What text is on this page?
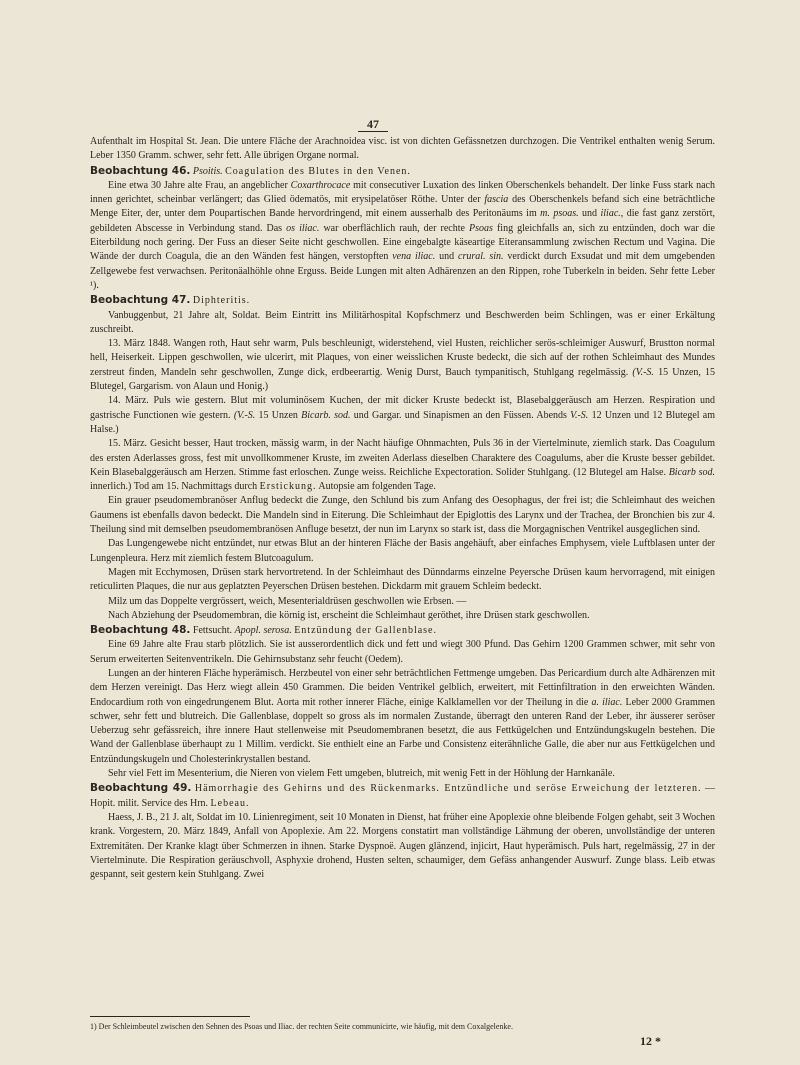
47

Aufenthalt im Hospital St. Jean. Die untere Fläche der Arachnoidea visc. ist von dichten Gefässnetzen durchzogen. Die Ventrikel enthalten wenig Serum. Leber 1350 Gramm. schwer, sehr fett. Alle übrigen Organe normal.

Beobachtung 46. Psoitis. Coagulation des Blutes in den Venen.

Eine etwa 30 Jahre alte Frau, an angeblicher Coxarthrocace mit consecutiver Luxation des linken Oberschenkels behandelt. Der linke Fuss stark nach innen gerichtet, scheinbar verlängert; das Glied ödematös, mit erysipelatöser Röthe. Unter der fascia des Oberschenkels befand sich eine beträchtliche Menge Eiter, der, unter dem Poupartischen Bande hervordringend, mit einem ausserhalb des Peritonäums im m. psoas. und iliac., die fast ganz zerstört, gebildeten Abscesse in Verbindung stand. Das os iliac. war oberflächlich rauh, der rechte Psoas fing gleichfalls an, sich zu entzünden, doch war die Eiterbildung noch gering. Der Fuss an dieser Seite nicht geschwollen. Eine eingebalgte käseartige Eiteransammlung zwischen Rectum und Vagina. Die Wände der durch Coagula, die an den Wänden fest hängen, verstopften vena iliac. und crural. sin. verdickt durch Exsudat und mit dem umgebenden Zellgewebe fest verwachsen. Peritonäalhöhle ohne Erguss. Beide Lungen mit alten Adhärenzen an den Rippen, rohe Tuberkeln in beiden. Sehr fette Leber ¹).

Beobachtung 47. Diphteritis.

Vanbuggenbut, 21 Jahre alt, Soldat. Beim Eintritt ins Militärhospital Kopfschmerz und Beschwerden beim Schlingen, was er einer Erkältung zuschreibt.

13. März 1848. Wangen roth, Haut sehr warm, Puls beschleunigt, widerstehend, viel Husten, reichlicher serös-schleimiger Auswurf, Brustton normal hell, Heiserkeit. Lippen geschwollen, wie ulcerirt, mit Plaques, von einer weisslichen Kruste bedeckt, die sich auf der rothen Schleimhaut des Mundes zerstreut finden, Mandeln sehr geschwollen, Zunge dick, erdbeerartig. Wenig Durst, Bauch tympanitisch, Stuhlgang regelmässig. (V.-S. 15 Unzen, 15 Blutegel, Gargarism. von Alaun und Honig.)

14. März. Puls wie gestern. Blut mit voluminösem Kuchen, der mit dicker Kruste bedeckt ist, Blasebalggeräusch am Herzen. Respiration und gastrische Functionen wie gestern. (V.-S. 15 Unzen Bicarb. sod. und Gargar. und Sinapismen an den Füssen. Abends V.-S. 12 Unzen und 12 Blutegel am Halse.)

15. März. Gesicht besser, Haut trocken, mässig warm, in der Nacht häufige Ohnmachten, Puls 36 in der Viertelminute, ziemlich stark. Das Coagulum des ersten Aderlasses gross, fest mit unvollkommener Kruste, im zweiten Aderlass dieselben Charaktere des Coagulums, aber die Kruste besser gebildet. Kein Blasebalggeräusch am Herzen. Stimme fast erloschen. Zunge weiss. Reichliche Expectoration. Solider Stuhlgang. (12 Blutegel am Halse. Bicarb sod. innerlich.) Tod am 15. Nachmittags durch Erstickung. Autopsie am folgenden Tage.

Ein grauer pseudomembranöser Anflug bedeckt die Zunge, den Schlund bis zum Anfang des Oesophagus, der frei ist; die Schleimhaut des weichen Gaumens ist ebenfalls davon bedeckt. Die Mandeln sind in Eiterung. Die Schleimhaut der Epiglottis des Larynx und der Trachea, der Bronchien bis zur 4. Theilung sind mit demselben pseudomembranösen Anfluge besetzt, der nun im Larynx so stark ist, dass die Morgagnischen Ventrikel ausgeglichen sind.

Das Lungengewebe nicht entzündet, nur etwas Blut an der hinteren Fläche der Basis angehäuft, aber einfaches Emphysem, viele Luftblasen unter der Lungenpleura. Herz mit ziemlich festem Blutcoagulum.

Magen mit Ecchymosen, Drüsen stark hervortretend. In der Schleimhaut des Dünndarms einzelne Peyersche Drüsen kaum hervorragend, mit einigen reticulirten Plaques, die nur aus geplatzten Peyerschen Drüsen bestehen. Dickdarm mit grauem Schleim bedeckt.

Milz um das Doppelte vergrössert, weich, Mesenterialdrüsen geschwollen wie Erbsen. —

Nach Abziehung der Pseudomembran, die körnig ist, erscheint die Schleimhaut geröthet, ihre Drüsen stark geschwollen.

Beobachtung 48. Fettsucht. Apopl. serosa. Entzündung der Gallenblase.

Eine 69 Jahre alte Frau starb plötzlich. Sie ist ausserordentlich dick und fett und wiegt 300 Pfund. Das Gehirn 1200 Grammen schwer, mit sehr von Serum erweiterten Seitenventrikeln. Die Gehirnsubstanz sehr feucht (Oedem).

Lungen an der hinteren Fläche hyperämisch. Herzbeutel von einer sehr beträchtlichen Fettmenge umgeben. Das Pericardium durch alte Adhärenzen mit dem Herzen vereinigt. Das Herz wiegt allein 450 Grammen. Die beiden Ventrikel gelblich, erweitert, mit Fettinfiltration in den erweichten Wänden. Endocardium roth von eingedrungenem Blut. Aorta mit rother innerer Fläche, einige Kalklamellen vor der Theilung in die a. iliac. Leber 2000 Grammen schwer, sehr fett und blutreich. Die Gallenblase, doppelt so gross als im normalen Zustande, überragt den unteren Rand der Leber, ihr äusserer seröser Ueberzug sehr gefässreich, ihre innere Haut stellenweise mit Pseudomembranen besetzt, die aus Fettkügelchen und Entzündungskugeln bestehen. Die Wand der Gallenblase überhaupt zu 1 Millim. verdickt. Sie enthielt eine an Farbe und Consistenz eiterähnliche Galle, die aber nur aus Fettkügelchen und Entzündungskugeln und Cholesterinkrystallen bestand.

Sehr viel Fett im Mesenterium, die Nieren von vielem Fett umgeben, blutreich, mit wenig Fett in der Höhlung der Harnkanäle.

Beobachtung 49. Hämorrhagie des Gehirns und des Rückenmarks. Entzündliche und seröse Erweichung der letzteren. — Hopit. milit. Service des Hrn. Lebeau.

Haess, J. B., 21 J. alt, Soldat im 10. Linienregiment, seit 10 Monaten in Dienst, hat früher eine Apoplexie ohne bleibende Folgen gehabt, seit 3 Wochen krank. Vorgestern, 20. März 1849, Anfall von Apoplexie. Am 22. Morgens constatirt man vollständige Lähmung der oberen, unvollständige der unteren Extremitäten. Der Kranke klagt über Schmerzen in ihnen. Starke Dyspnoë. Augen glänzend, injicirt, Haut hyperämisch. Puls hart, regelmässig, 27 in der Viertelminute. Die Respiration geräuschvoll, Asphyxie drohend, Husten selten, schaumiger, dem Gefäss anhangender Auswurf. Zunge blass. Leib etwas gespannt, seit gestern kein Stuhlgang. Zwei

1) Der Schleimbeutel zwischen den Sehnen des Psoas und Iliac. der rechten Seite communicirte, wie häufig, mit dem Coxalgelenke.
12 *
